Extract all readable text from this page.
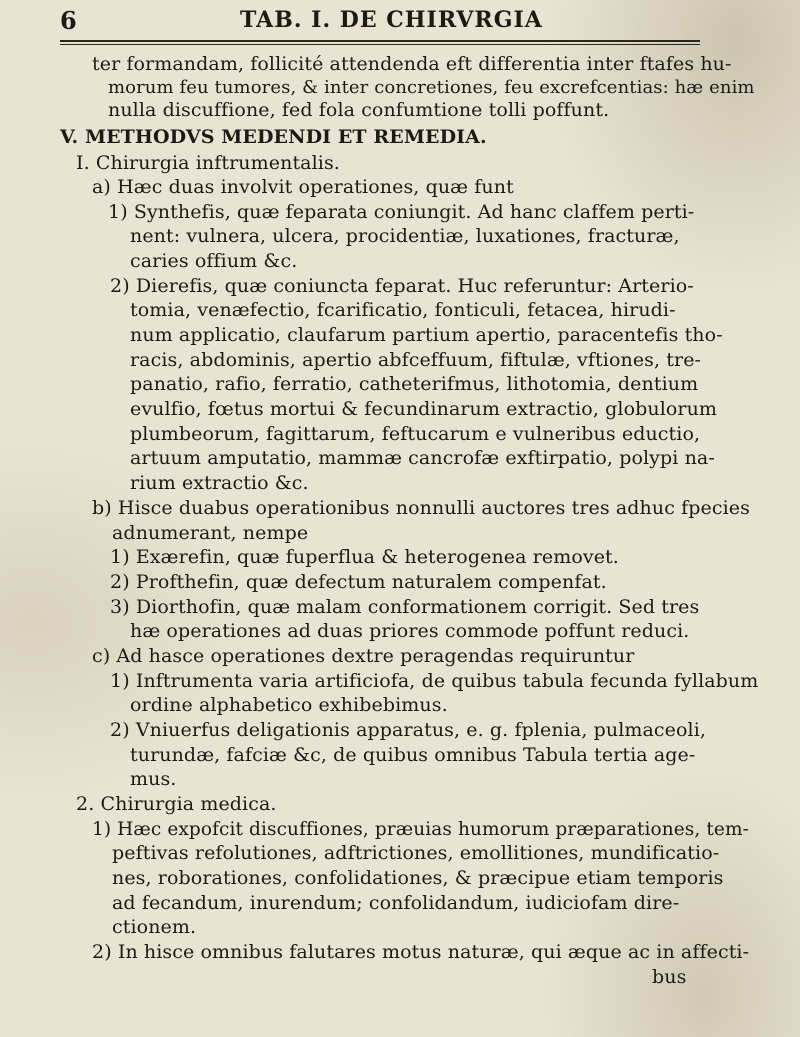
6	TAB. I. DE CHIRVRGIA
ter formandam, follicité attendenda eft differentia inter ftafes hu-
morum feu tumores, & inter concretiones, feu excrefcentias: hæ enim
nulla discuffione, fed fola confumtione tolli poffunt.
V. METHODVS MEDENDI ET REMEDIA.
I. Chirurgia inftrumentalis.
a) Hæc duas involvit operationes, quæ funt
1) Synthefis, quæ feparata coniungit. Ad hanc claffem perti-
nent: vulnera, ulcera, procidentiæ, luxationes, fracturæ,
caries offium &c.
2) Dierefis, quæ coniuncta feparat. Huc referuntur: Arterio-
tomia, venæfectio, fcarificatio, fonticuli, fetacea, hirudi-
num applicatio, claufarum partium apertio, paracentefis tho-
racis, abdominis, apertio abfceffuum, fiftulæ, vftiones, tre-
panatio, rafio, ferratio, catheterifmus, lithotomia, dentium
evulfio, fœtus mortui & fecundinarum extractio, globulorum
plumbeorum, fagittarum, feftucarum e vulneribus eductio,
artuum amputatio, mammæ cancrofæ exftirpatio, polypi na-
rium extractio &c.
b) Hisce duabus operationibus nonnulli auctores tres adhuc fpecies
adnumerant, nempe
1) Exærefin, quæ fuperflua & heterogenea removet.
2) Profthefin, quæ defectum naturalem compenfat.
3) Diorthofin, quæ malam conformationem corrigit. Sed tres
hæ operationes ad duas priores commode poffunt reduci.
c) Ad hasce operationes dextre peragendas requiruntur
1) Inftrumenta varia artificiofa, de quibus tabula fecunda fyllabum
ordine alphabetico exhibebimus.
2) Vniuerfus deligationis apparatus, e. g. fplenia, pulmaceoli,
turundæ, fafciæ &c, de quibus omnibus Tabula tertia age-
mus.
2. Chirurgia medica.
1) Hæc expofcit discuffiones, præuias humorum præparationes, tem-
peftivas refolutiones, adftrictiones, emollitiones, mundificatio-
nes, roborationes, confolidationes, & præcipue etiam temporis
ad fecandum, inurendum; confolidandum, iudiciofam dire-
ctionem.
2) In hisce omnibus falutares motus naturæ, qui æque ac in affecti-
bus
